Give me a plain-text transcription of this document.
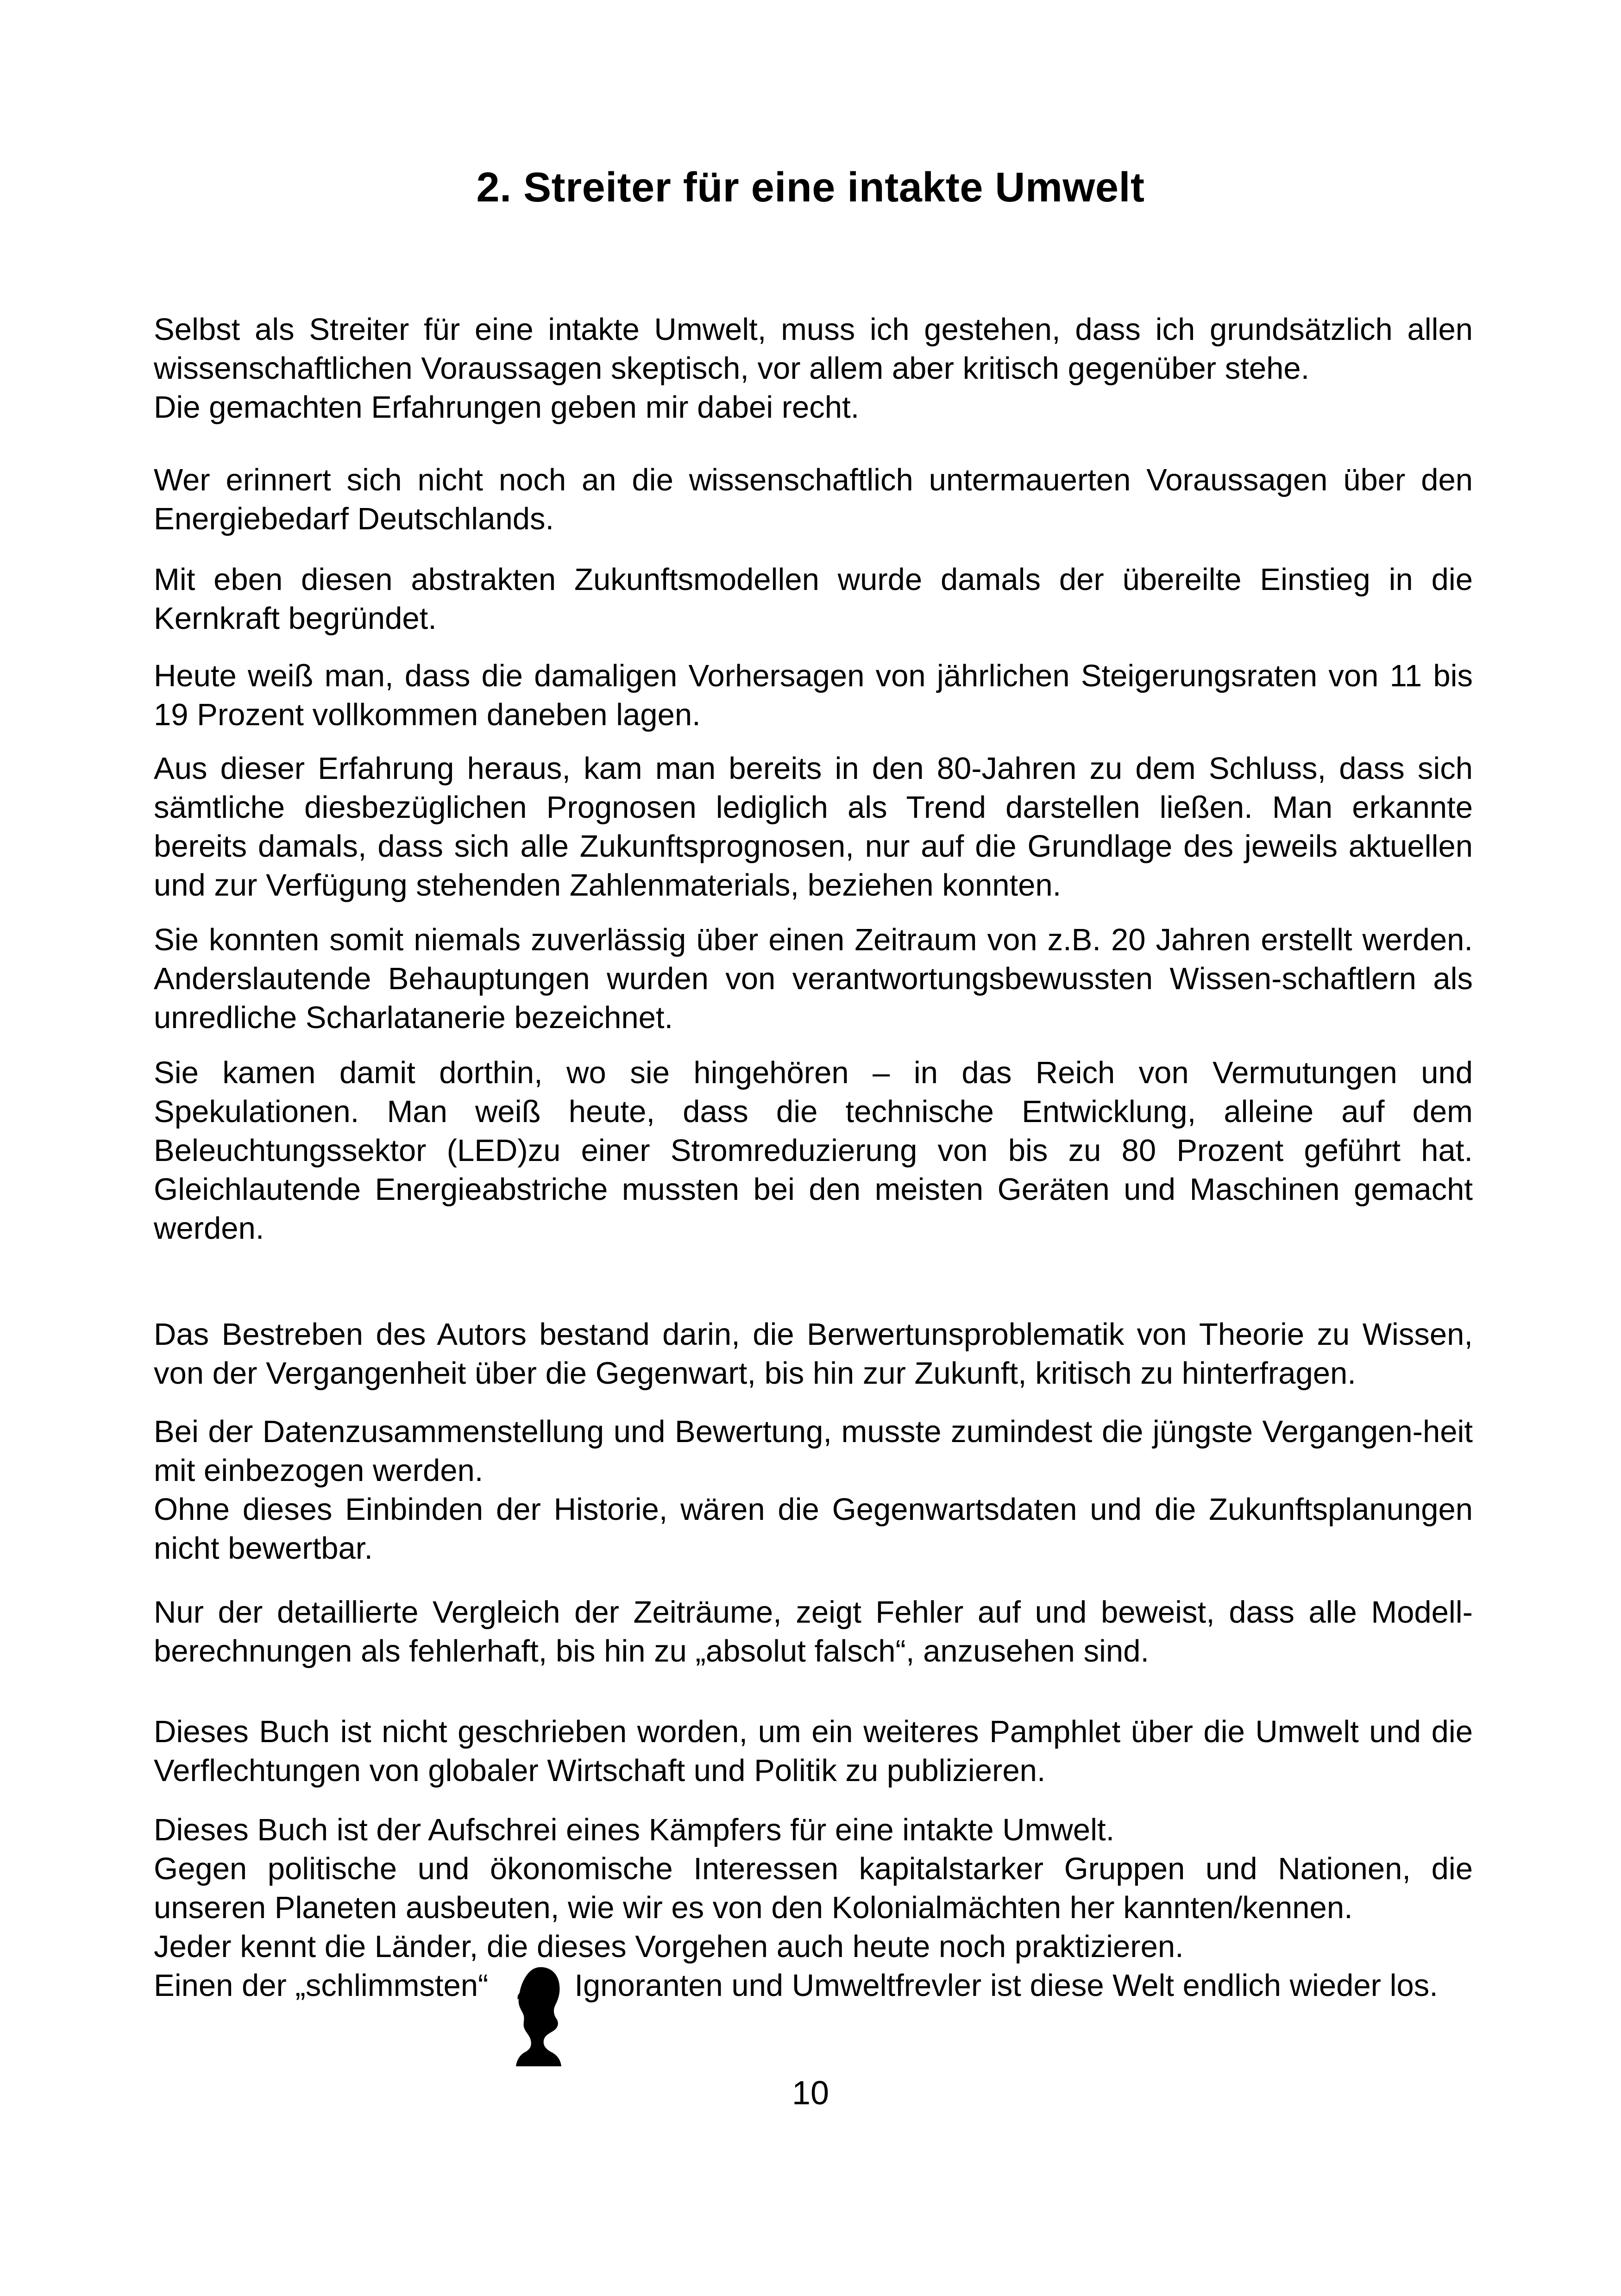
2. Streiter für eine intakte Umwelt

Selbst als Streiter für eine intakte Umwelt, muss ich gestehen, dass ich grundsätzlich allen wissenschaftlichen Voraussagen skeptisch, vor allem aber kritisch gegenüber stehe.

Die gemachten Erfahrungen geben mir dabei recht.

Wer erinnert sich nicht noch an die wissenschaftlich untermauerten Voraussagen über den Energiebedarf Deutschlands.

Mit eben diesen abstrakten Zukunftsmodellen wurde damals der übereilte Einstieg in die Kernkraft begründet.

Heute weiß man, dass die damaligen Vorhersagen von jährlichen Steigerungsraten von 11 bis 19 Prozent vollkommen daneben lagen.

Aus dieser Erfahrung heraus, kam man bereits in den 80-Jahren zu dem Schluss, dass sich sämtliche diesbezüglichen Prognosen lediglich als Trend darstellen ließen. Man erkannte bereits damals, dass sich alle Zukunftsprognosen, nur auf die Grundlage des jeweils aktuellen und zur Verfügung stehenden Zahlenmaterials, beziehen konnten.

Sie konnten somit niemals zuverlässig über einen Zeitraum von z.B. 20 Jahren erstellt werden. Anderslautende Behauptungen wurden von verantwortungsbewussten Wissen-schaftlern als unredliche Scharlatanerie bezeichnet.

Sie kamen damit dorthin, wo sie hingehören – in das Reich von Vermutungen und Spekulationen. Man weiß heute, dass die technische Entwicklung, alleine auf dem Beleuchtungssektor (LED)zu einer Stromreduzierung von bis zu 80 Prozent geführt hat. Gleichlautende Energieabstriche mussten bei den meisten Geräten und Maschinen gemacht werden.

Das Bestreben des Autors bestand darin, die Berwertunsproblematik von Theorie zu Wissen, von der Vergangenheit über die Gegenwart, bis hin zur Zukunft, kritisch zu hinterfragen.

Bei der Datenzusammenstellung und Bewertung, musste zumindest die jüngste Vergangen-heit mit einbezogen werden.

Ohne dieses Einbinden der Historie, wären die Gegenwartsdaten und die Zukunftsplanungen nicht bewertbar.

Nur der detaillierte Vergleich der Zeiträume, zeigt Fehler auf und beweist, dass alle Modell-berechnungen als fehlerhaft, bis hin zu „absolut falsch“, anzusehen sind.

Dieses Buch ist nicht geschrieben worden, um ein weiteres Pamphlet über die Umwelt und die Verflechtungen von globaler Wirtschaft und Politik zu publizieren.

Dieses Buch ist der Aufschrei eines Kämpfers für eine intakte Umwelt.

Gegen politische und ökonomische Interessen kapitalstarker Gruppen und Nationen, die unseren Planeten ausbeuten, wie wir es von den Kolonialmächten her kannten/kennen.

Jeder kennt die Länder, die dieses Vorgehen auch heute noch praktizieren.

Einen der „schlimmsten“	Ignoranten und Umweltfrevler ist diese Welt endlich wieder los.

10
